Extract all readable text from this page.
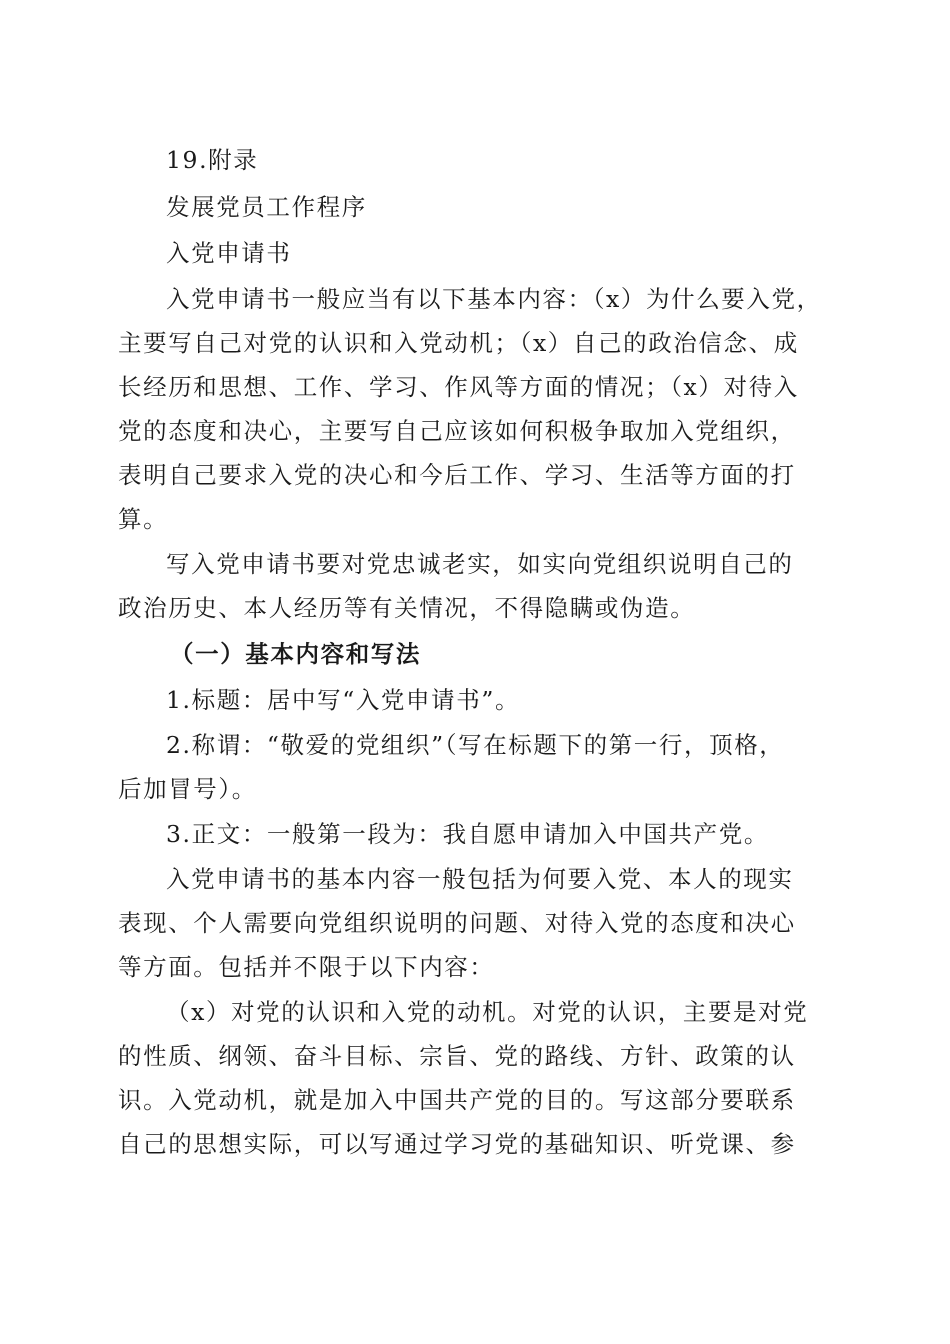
19.附录
发展党员工作程序
入党申请书
入党申请书一般应当有以下基本内容：（x）为什么要入党，
主要写自己对党的认识和入党动机；（x）自己的政治信念、成
长经历和思想、工作、学习、作风等方面的情况；（x）对待入
党的态度和决心，主要写自己应该如何积极争取加入党组织，
表明自己要求入党的决心和今后工作、学习、生活等方面的打
算。
写入党申请书要对党忠诚老实，如实向党组织说明自己的
政治历史、本人经历等有关情况，不得隐瞒或伪造。
（一）基本内容和写法
1.标题：居中写“入党申请书”。
2.称谓：“敬爱的党组织”（写在标题下的第一行，顶格，
后加冒号）。
3.正文：一般第一段为：我自愿申请加入中国共产党。
入党申请书的基本内容一般包括为何要入党、本人的现实
表现、个人需要向党组织说明的问题、对待入党的态度和决心
等方面。包括并不限于以下内容：
（x）对党的认识和入党的动机。对党的认识，主要是对党
的性质、纲领、奋斗目标、宗旨、党的路线、方针、政策的认
识。入党动机，就是加入中国共产党的目的。写这部分要联系
自己的思想实际，可以写通过学习党的基础知识、听党课、参
